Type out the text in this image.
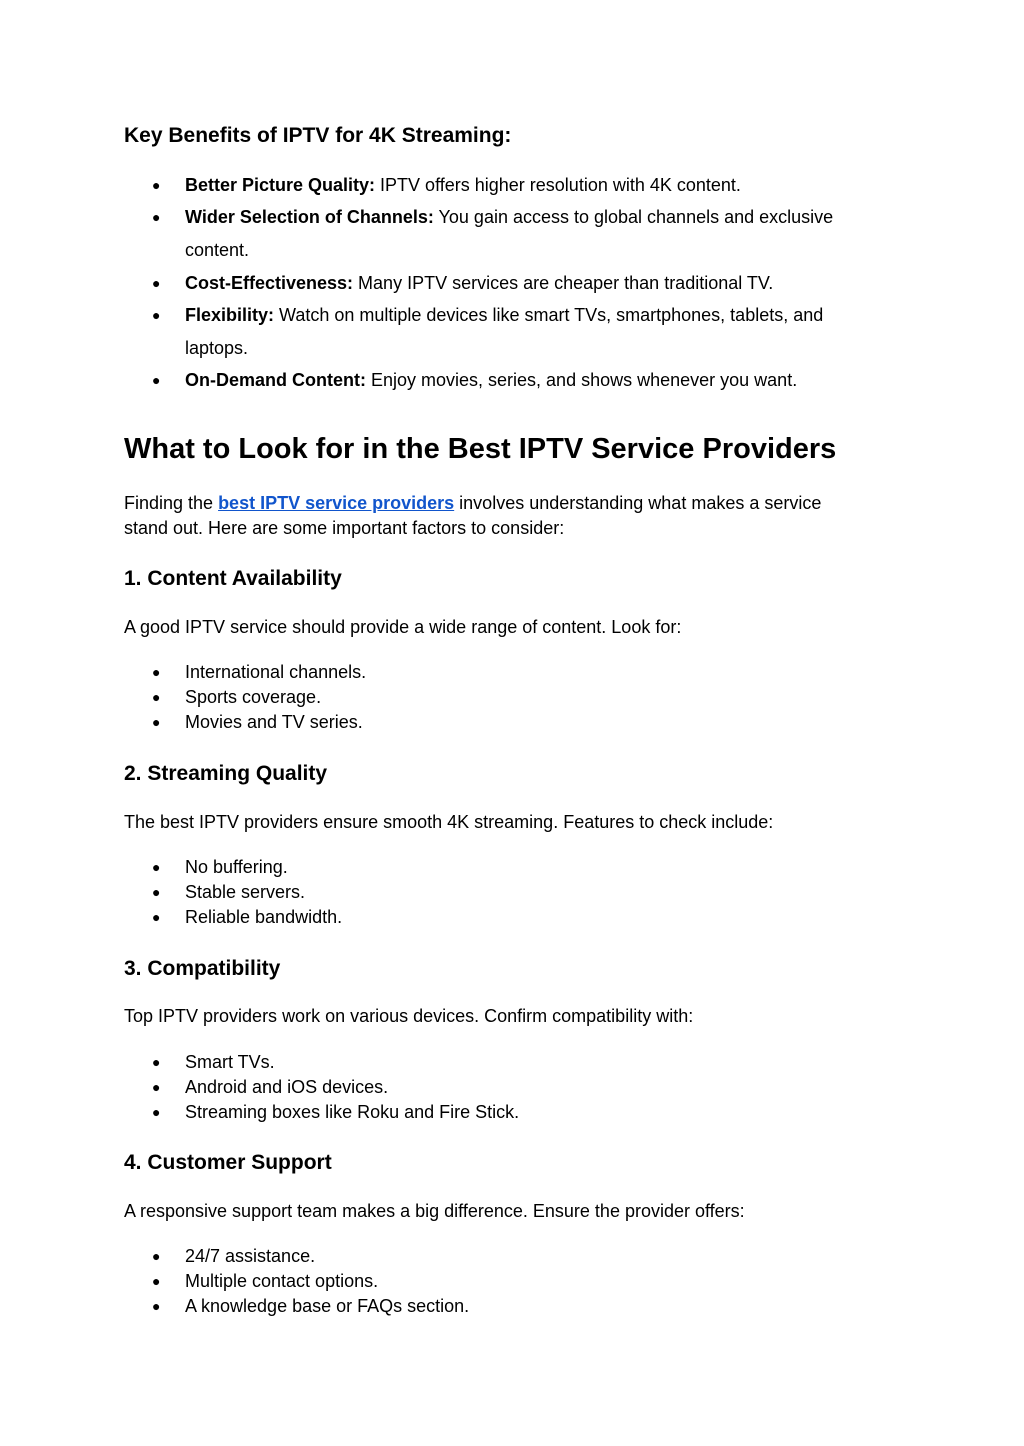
Key Benefits of IPTV for 4K Streaming:
● Better Picture Quality: IPTV offers higher resolution with 4K content.
● Wider Selection of Channels: You gain access to global channels and exclusive content.
● Cost-Effectiveness: Many IPTV services are cheaper than traditional TV.
● Flexibility: Watch on multiple devices like smart TVs, smartphones, tablets, and laptops.
● On-Demand Content: Enjoy movies, series, and shows whenever you want.
What to Look for in the Best IPTV Service Providers

Finding the best IPTV service providers involves understanding what makes a service stand out. Here are some important factors to consider:

1. Content Availability

A good IPTV service should provide a wide range of content. Look for:

● International channels.
● Sports coverage.
● Movies and TV series.
2. Streaming Quality

The best IPTV providers ensure smooth 4K streaming. Features to check include:

● No buffering.
● Stable servers.
● Reliable bandwidth.
3. Compatibility

Top IPTV providers work on various devices. Confirm compatibility with:

● Smart TVs.
● Android and iOS devices.
● Streaming boxes like Roku and Fire Stick.
4. Customer Support

A responsive support team makes a big difference. Ensure the provider offers:

● 24/7 assistance.
● Multiple contact options.
● A knowledge base or FAQs section.
